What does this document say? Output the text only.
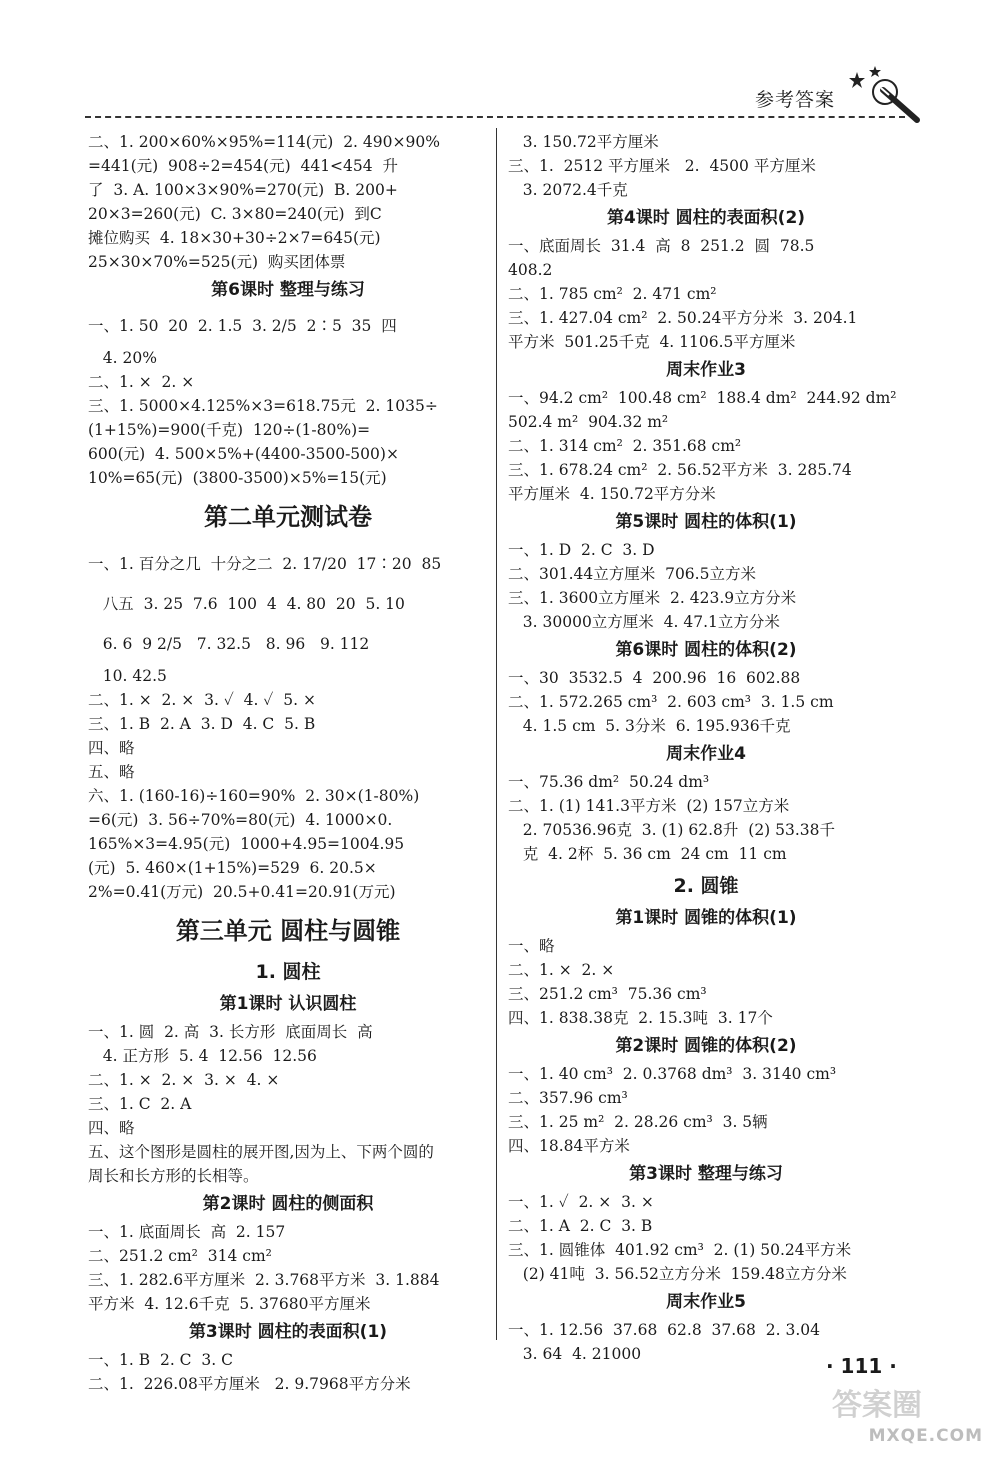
参考答案
二、1. 200×60%×95%=114(元)  2. 490×90%
=441(元)  908÷2=454(元)  441<454  升
了  3. A. 100×3×90%=270(元)  B. 200+
20×3=260(元)  C. 3×80=240(元)  到C
摊位购买  4. 18×30+30÷2×7=645(元)
25×30×70%=525(元)  购买团体票
第6课时 整理与练习
一、1. 50  20  2. 1.5  3. 2/5  2∶5  35  四
4. 20%
二、1. ×  2. ×
三、1. 5000×4.125%×3=618.75元  2. 1035÷
(1+15%)=900(千克)  120÷(1-80%)=
600(元)  4. 500×5%+(4400-3500-500)×
10%=65(元)  (3800-3500)×5%=15(元)
第二单元测试卷
一、1. 百分之几  十分之二  2. 17/20  17∶20  85
八五  3. 25  7.6  100  4  4. 80  20  5. 10
6. 6  9 2/5   7. 32.5   8. 96   9. 112
10. 42.5
二、1. ×  2. ×  3. ✓  4. ✓  5. ×
三、1. B  2. A  3. D  4. C  5. B
四、略
五、略
六、1. (160-16)÷160=90%  2. 30×(1-80%)
=6(元)  3. 56÷70%=80(元)  4. 1000×0.
165%×3=4.95(元)  1000+4.95=1004.95
(元)  5. 460×(1+15%)=529  6. 20.5×
2%=0.41(万元)  20.5+0.41=20.91(万元)
第三单元 圆柱与圆锥
1. 圆柱
第1课时 认识圆柱
一、1. 圆  2. 高  3. 长方形  底面周长  高
4. 正方形  5. 4  12.56  12.56
二、1. ×  2. ×  3. ×  4. ×
三、1. C  2. A
四、略
五、这个图形是圆柱的展开图,因为上、下两个圆的
周长和长方形的长相等。
第2课时 圆柱的侧面积
一、1. 底面周长  高  2. 157
二、251.2 cm²  314 cm²
三、1. 282.6平方厘米  2. 3.768平方米  3. 1.884
平方米  4. 12.6千克  5. 37680平方厘米
第3课时 圆柱的表面积(1)
一、1. B  2. C  3. C
二、1.  226.08平方厘米   2. 9.7968平方分米
3. 150.72平方厘米
三、1.  2512 平方厘米   2.  4500 平方厘米
3. 2072.4千克
第4课时 圆柱的表面积(2)
一、底面周长  31.4  高  8  251.2  圆  78.5
408.2
二、1. 785 cm²  2. 471 cm²
三、1. 427.04 cm²  2. 50.24平方分米  3. 204.1
平方米  501.25千克  4. 1106.5平方厘米
周末作业3
一、94.2 cm²  100.48 cm²  188.4 dm²  244.92 dm²
502.4 m²  904.32 m²
二、1. 314 cm²  2. 351.68 cm²
三、1. 678.24 cm²  2. 56.52平方米  3. 285.74
平方厘米  4. 150.72平方分米
第5课时 圆柱的体积(1)
一、1. D  2. C  3. D
二、301.44立方厘米  706.5立方米
三、1. 3600立方厘米  2. 423.9立方分米
3. 30000立方厘米  4. 47.1立方分米
第6课时 圆柱的体积(2)
一、30  3532.5  4  200.96  16  602.88
二、1. 572.265 cm³  2. 603 cm³  3. 1.5 cm
4. 1.5 cm  5. 3分米  6. 195.936千克
周末作业4
一、75.36 dm²  50.24 dm³
二、1. (1) 141.3平方米  (2) 157立方米
2. 70536.96克  3. (1) 62.8升  (2) 53.38千
克  4. 2杯  5. 36 cm  24 cm  11 cm
2. 圆锥
第1课时 圆锥的体积(1)
一、略
二、1. ×  2. ×
三、251.2 cm³  75.36 cm³
四、1. 838.38克  2. 15.3吨  3. 17个
第2课时 圆锥的体积(2)
一、1. 40 cm³  2. 0.3768 dm³  3. 3140 cm³
二、357.96 cm³
三、1. 25 m²  2. 28.26 cm³  3. 5辆
四、18.84平方米
第3课时 整理与练习
一、1. ✓  2. ×  3. ×
二、1. A  2. C  3. B
三、1. 圆锥体  401.92 cm³  2. (1) 50.24平方米
(2) 41吨  3. 56.52立方分米  159.48立方分米
周末作业5
一、1. 12.56  37.68  62.8  37.68  2. 3.04
3. 64  4. 21000	· 111 ·
答案圈
MXQE.COM
